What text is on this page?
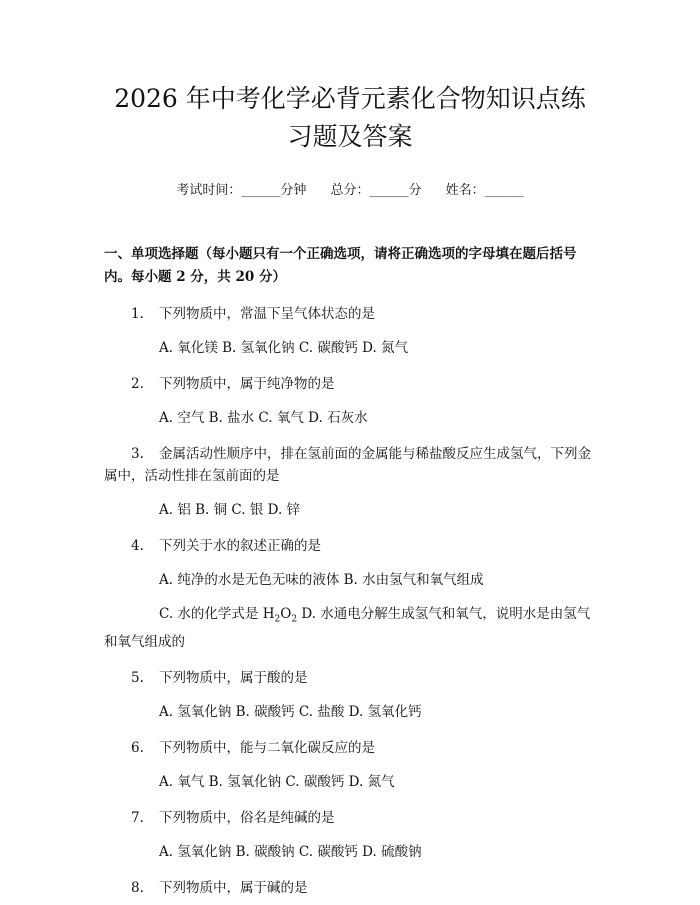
2026 年中考化学必背元素化合物知识点练习题及答案
考试时间：______分钟 总分：______分 姓名：______
一、单项选择题（每小题只有一个正确选项，请将正确选项的字母填在题后括号内。每小题 2 分，共 20 分）
1. 下列物质中，常温下呈气体状态的是
A. 氧化镁 B. 氢氧化钠 C. 碳酸钙 D. 氮气
2. 下列物质中，属于纯净物的是
A. 空气 B. 盐水 C. 氧气 D. 石灰水
3. 金属活动性顺序中，排在氢前面的金属能与稀盐酸反应生成氢气，下列金属中，活动性排在氢前面的是
A. 铝 B. 铜 C. 银 D. 锌
4. 下列关于水的叙述正确的是
A. 纯净的水是无色无味的液体 B. 水由氢气和氧气组成
C. 水的化学式是 $H_2O_2$ D. 水通电分解生成氢气和氧气，说明水是由氢气和氧气组成的
5. 下列物质中，属于酸的是
A. 氢氧化钠 B. 碳酸钙 C. 盐酸 D. 氢氧化钙
6. 下列物质中，能与二氧化碳反应的是
A. 氧气 B. 氢氧化钠 C. 碳酸钙 D. 氮气
7. 下列物质中，俗名是纯碱的是
A. 氢氧化钠 B. 碳酸钠 C. 碳酸钙 D. 硫酸钠
8. 下列物质中，属于碱的是
